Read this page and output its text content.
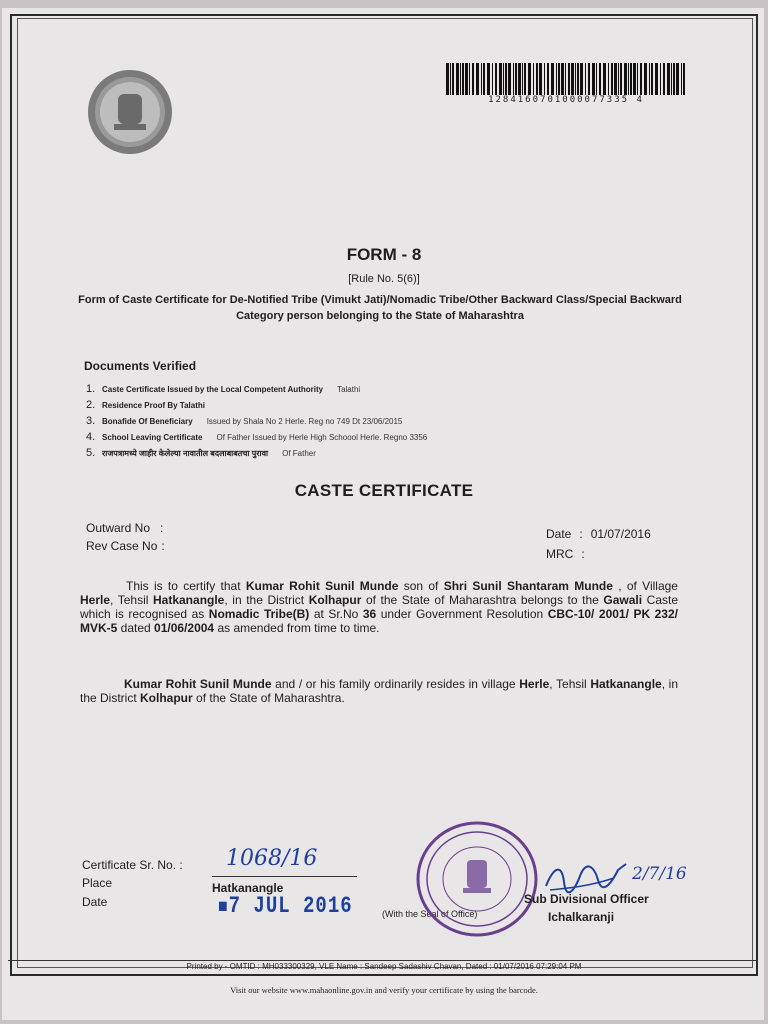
1284160701000077335 4
FORM - 8
[Rule No. 5(6)]
Form of Caste Certificate for De-Notified Tribe (Vimukt Jati)/Nomadic Tribe/Other Backward Class/Special Backward Category person belonging to the State of Maharashtra
Documents Verified
1. Caste Certificate Issued by the Local Competent Authority Talathi
2. Residence Proof By Talathi
3. Bonafide Of Beneficiary Issued by Shala No 2 Herle. Reg no 749 Dt 23/06/2015
4. School Leaving Certificate Of Father Issued by Herle High Schoool Herle. Regno 3356
5. राजपत्रामध्ये जाहीर केलेल्या नावातील बदलाबाबतचा पुरावा Of Father
CASTE CERTIFICATE
Outward No :
Rev Case No :
Date : 01/07/2016
MRC :
This is to certify that Kumar Rohit Sunil Munde son of Shri Sunil Shantaram Munde , of Village Herle, Tehsil Hatkanangle, in the District Kolhapur of the State of Maharashtra belongs to the Gawali Caste which is recognised as Nomadic Tribe(B) at Sr.No 36 under Government Resolution CBC-10/ 2001/ PK 232/ MVK-5 dated 01/06/2004 as amended from time to time.
Kumar Rohit Sunil Munde and / or his family ordinarily resides in village Herle, Tehsil Hatkanangle, in the District Kolhapur of the State of Maharashtra.
Certificate Sr. No. : 1068/16
Place	Hatkanangle
Date	■7 JUL 2016	(With the Seal of Office)
2/7/16
Sub Divisional Officer
Ichalkaranji
Printed by - OMTID : MH033300329, VLE Name : Sandeep Sadashiv Chavan, Dated : 01/07/2016 07:29:04 PM
Visit our website www.mahaonline.gov.in and verify your certificate by using the barcode.
